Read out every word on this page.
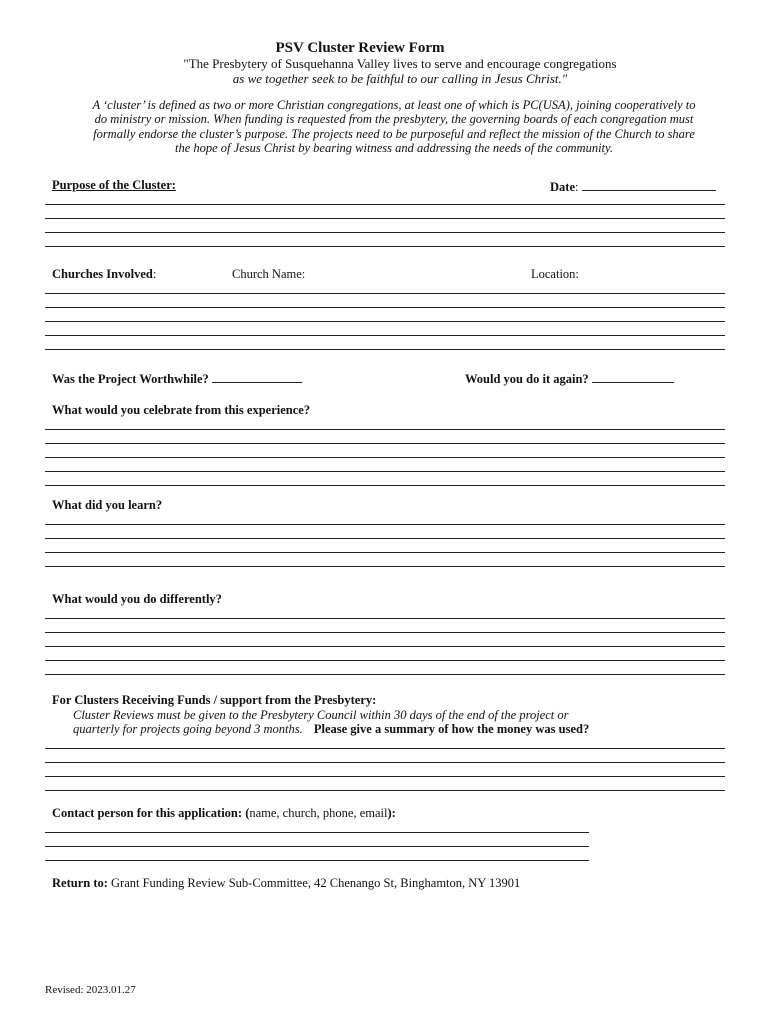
PSV Cluster Review Form
"The Presbytery of Susquehanna Valley lives to serve and encourage congregations
as we together seek to be faithful to our calling in Jesus Christ."
A ‘cluster’ is defined as two or more Christian congregations, at least one of which is PC(USA), joining cooperatively to do ministry or mission. When funding is requested from the presbytery, the governing boards of each congregation must formally endorse the cluster’s purpose. The projects need to be purposeful and reflect the mission of the Church to share the hope of Jesus Christ by bearing witness and addressing the needs of the community.
Purpose of the Cluster:	Date:
Churches Involved:	Church Name:	Location:
Was the Project Worthwhile?	Would you do it again?
What would you celebrate from this experience?
What did you learn?
What would you do differently?
For Clusters Receiving Funds / support from the Presbytery:
Cluster Reviews must be given to the Presbytery Council within 30 days of the end of the project or
quarterly for projects going beyond 3 months. Please give a summary of how the money was used?
Contact person for this application: (name, church, phone, email):
Return to: Grant Funding Review Sub-Committee, 42 Chenango St, Binghamton, NY 13901
Revised: 2023.01.27
